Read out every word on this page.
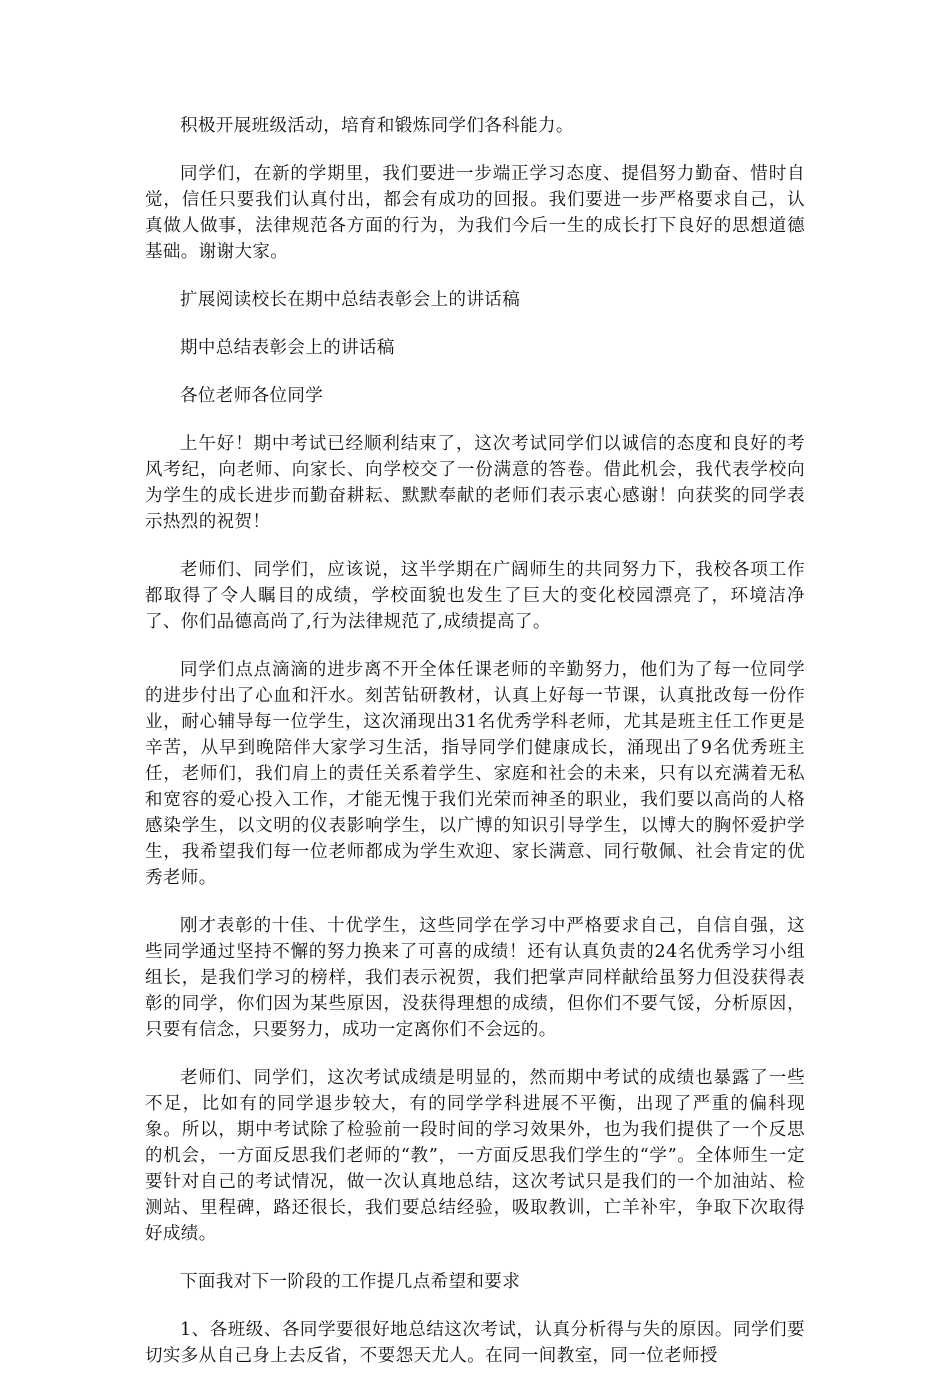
积极开展班级活动，培育和锻炼同学们各科能力。

同学们，在新的学期里，我们要进一步端正学习态度、提倡努力勤奋、惜时自觉，信任只要我们认真付出，都会有成功的回报。我们要进一步严格要求自己，认真做人做事，法律规范各方面的行为，为我们今后一生的成长打下良好的思想道德基础。谢谢大家。

扩展阅读校长在期中总结表彰会上的讲话稿

期中总结表彰会上的讲话稿

各位老师各位同学

上午好！期中考试已经顺利结束了，这次考试同学们以诚信的态度和良好的考风考纪，向老师、向家长、向学校交了一份满意的答卷。借此机会，我代表学校向为学生的成长进步而勤奋耕耘、默默奉献的老师们表示衷心感谢！向获奖的同学表示热烈的祝贺！

老师们、同学们，应该说，这半学期在广阔师生的共同努力下，我校各项工作都取得了令人瞩目的成绩，学校面貌也发生了巨大的变化校园漂亮了，环境洁净了、你们品德高尚了,行为法律规范了,成绩提高了。

同学们点点滴滴的进步离不开全体任课老师的辛勤努力，他们为了每一位同学的进步付出了心血和汗水。刻苦钻研教材，认真上好每一节课，认真批改每一份作业，耐心辅导每一位学生，这次涌现出31名优秀学科老师，尤其是班主任工作更是辛苦，从早到晚陪伴大家学习生活，指导同学们健康成长，涌现出了9名优秀班主任，老师们，我们肩上的责任关系着学生、家庭和社会的未来，只有以充满着无私和宽容的爱心投入工作，才能无愧于我们光荣而神圣的职业，我们要以高尚的人格感染学生，以文明的仪表影响学生，以广博的知识引导学生，以博大的胸怀爱护学生，我希望我们每一位老师都成为学生欢迎、家长满意、同行敬佩、社会肯定的优秀老师。

刚才表彰的十佳、十优学生，这些同学在学习中严格要求自己，自信自强，这些同学通过坚持不懈的努力换来了可喜的成绩！还有认真负责的24名优秀学习小组组长，是我们学习的榜样，我们表示祝贺，我们把掌声同样献给虽努力但没获得表彰的同学，你们因为某些原因，没获得理想的成绩，但你们不要气馁，分析原因，只要有信念，只要努力，成功一定离你们不会远的。

老师们、同学们，这次考试成绩是明显的，然而期中考试的成绩也暴露了一些不足，比如有的同学退步较大，有的同学学科进展不平衡，出现了严重的偏科现象。所以，期中考试除了检验前一段时间的学习效果外，也为我们提供了一个反思的机会，一方面反思我们老师的“教”，一方面反思我们学生的“学”。全体师生一定要针对自己的考试情况，做一次认真地总结，这次考试只是我们的一个加油站、检测站、里程碑，路还很长，我们要总结经验，吸取教训，亡羊补牢，争取下次取得好成绩。

下面我对下一阶段的工作提几点希望和要求

1、各班级、各同学要很好地总结这次考试，认真分析得与失的原因。同学们要切实多从自己身上去反省，不要怨天尤人。在同一间教室，同一位老师授
